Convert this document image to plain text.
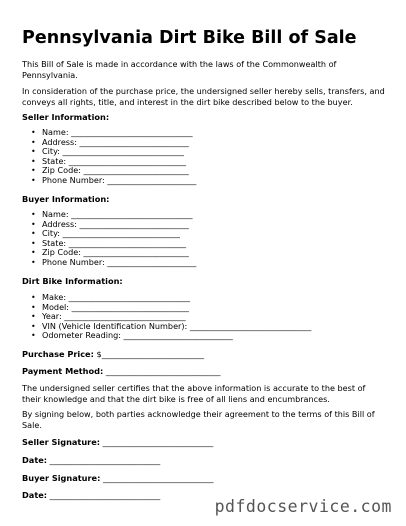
Pennsylvania Dirt Bike Bill of Sale

This Bill of Sale is made in accordance with the laws of the Commonwealth of Pennsylvania.

In consideration of the purchase price, the undersigned seller hereby sells, transfers, and conveys all rights, title, and interest in the dirt bike described below to the buyer.

Seller Information:
• Name: ______________________________
• Address: ___________________________
• City: ______________________________
• State: _____________________________
• Zip Code: __________________________
• Phone Number: ______________________
Buyer Information:
• Name: ______________________________
• Address: ___________________________
• City: _____________________________
• State: _____________________________
• Zip Code: __________________________
• Phone Number: ______________________
Dirt Bike Information:
• Make: ______________________________
• Model: _____________________________
• Year: ______________________________
• VIN (Vehicle Identification Number): ______________________________
• Odometer Reading: ___________________________
Purchase Price: $_________________________
Payment Method: ____________________________

The undersigned seller certifies that the above information is accurate to the best of their knowledge and that the dirt bike is free of all liens and encumbrances.

By signing below, both parties acknowledge their agreement to the terms of this Bill of Sale.

Seller Signature: ___________________________
Date: ___________________________
Buyer Signature: ___________________________
Date: ___________________________
pdfdocservice.com
